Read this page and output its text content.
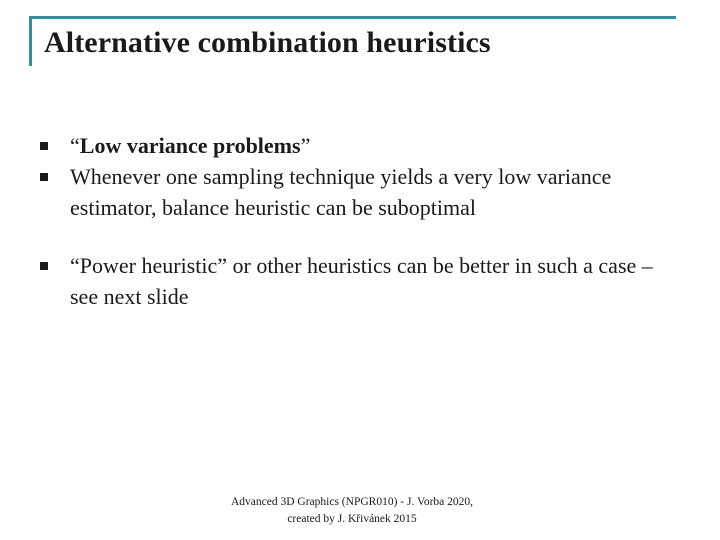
Alternative combination heuristics
“Low variance problems”
Whenever one sampling technique yields a very low variance estimator, balance heuristic can be suboptimal
“Power heuristic” or other heuristics can be better in such a case – see next slide
Advanced 3D Graphics (NPGR010) - J. Vorba 2020,
created by J. Křivánek 2015
